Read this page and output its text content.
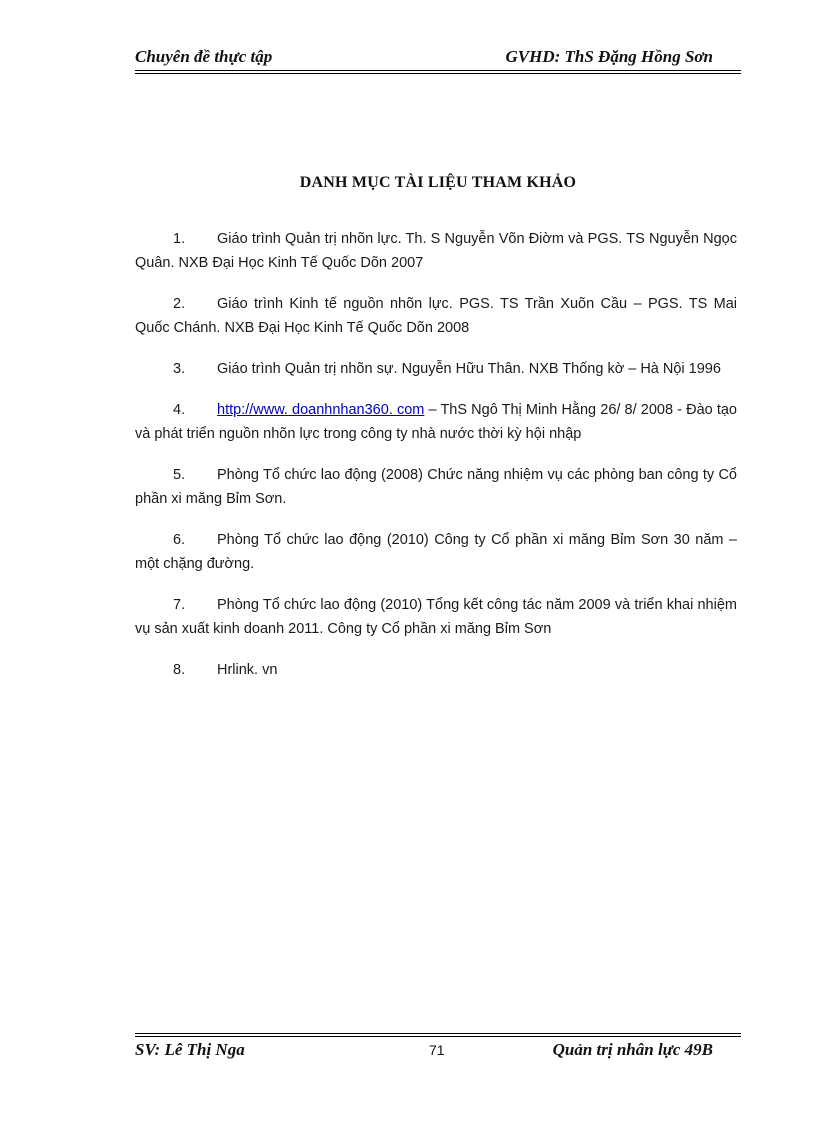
Chuyên đề thực tập	GVHD: ThS Đặng Hồng Sơn
DANH MỤC TÀI LIỆU THAM KHẢO

1. Giáo trình Quản trị nhõn lực. Th. S Nguyễn Võn Điờm và PGS. TS Nguyễn Ngọc Quân. NXB Đại Học Kinh Tế Quốc Dõn 2007

2. Giáo trình Kinh tế nguồn nhõn lực. PGS. TS Trần Xuõn Cầu – PGS. TS Mai Quốc Chánh. NXB Đại Học Kinh Tế Quốc Dõn 2008

3. Giáo trình Quản trị nhõn sự. Nguyễn Hữu Thân. NXB Thống kờ – Hà Nội 1996

4. http://www. doanhnhan360. com – ThS Ngô Thị Minh Hằng 26/ 8/ 2008 - Đào tạo và phát triển nguồn nhõn lực trong công ty nhà nước thời kỳ hội nhập

5. Phòng Tổ chức lao động (2008) Chức năng nhiệm vụ các phòng ban công ty Cổ phần xi măng Bỉm Sơn.

6. Phòng Tổ chức lao động (2010) Công ty Cổ phần xi măng Bỉm Sơn 30 năm – một chặng đường.

7. Phòng Tổ chức lao động (2010) Tổng kết công tác năm 2009 và triển khai nhiệm vụ sản xuất kinh doanh 2011. Công ty Cổ phần xi măng Bỉm Sơn

8. Hrlink. vn

SV: Lê Thị Nga	71	Quản trị nhân lực 49B
